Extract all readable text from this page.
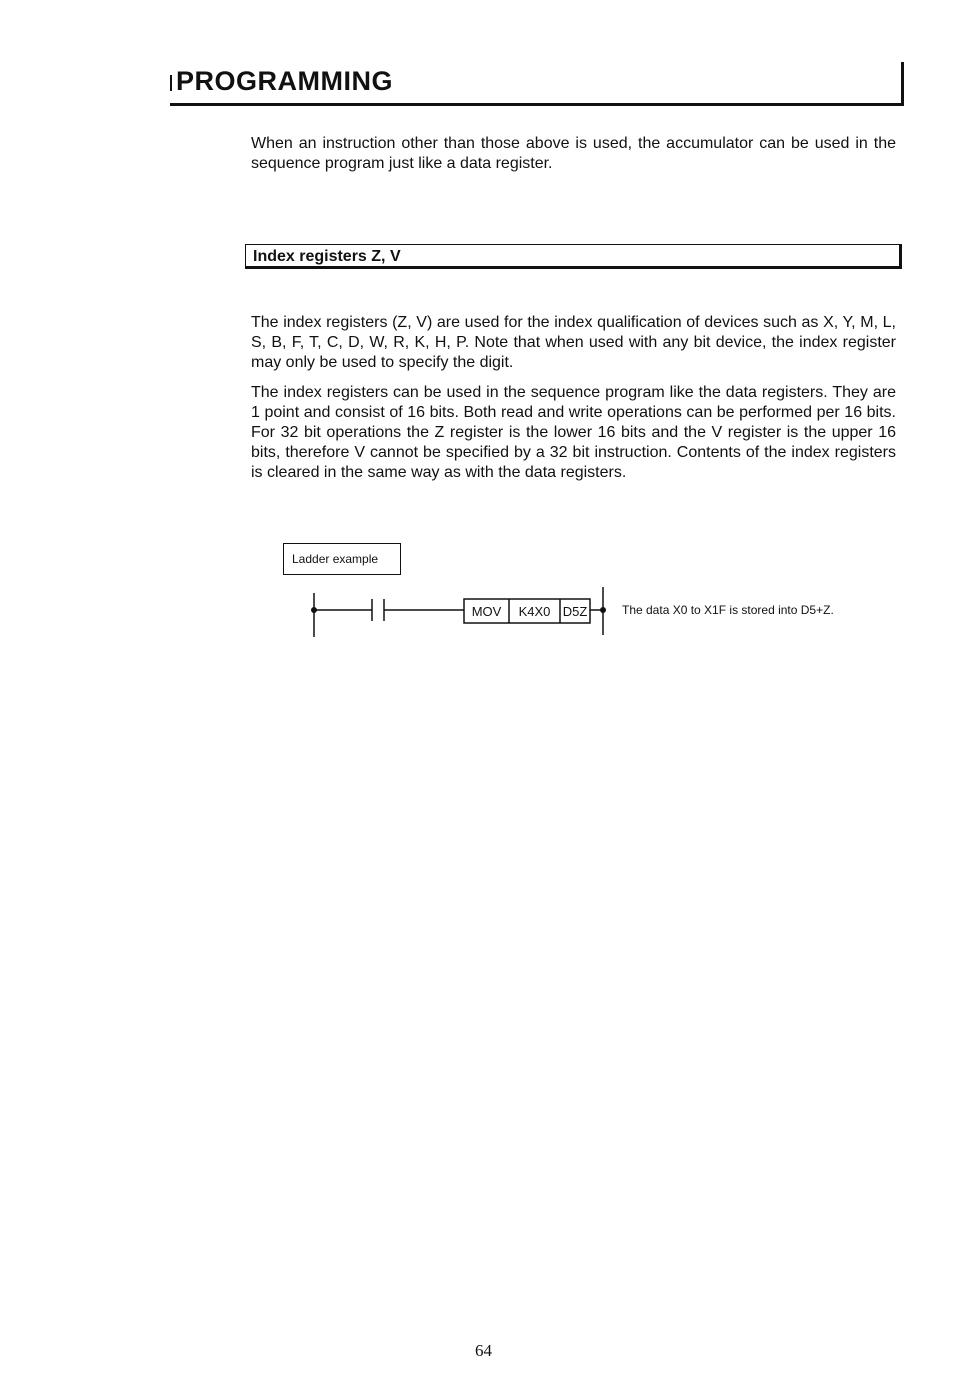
PROGRAMMING

When an instruction other than those above is used, the accumulator can be used in the sequence program just like a data register.

Index registers Z, V

The index registers (Z, V) are used for the index qualification of devices such as X, Y, M, L, S, B, F, T, C, D, W, R, K, H, P. Note that when used with any bit device, the index register may only be used to specify the digit.

The index registers can be used in the sequence program like the data registers. They are 1 point and consist of 16 bits. Both read and write operations can be performed per 16 bits. For 32 bit operations the Z register is the lower 16 bits and the V register is the upper 16 bits, therefore V cannot be specified by a 32 bit instruction. Contents of the index registers is cleared in the same way as with the data registers.

Ladder example
MOV K4X0 D5Z	The data X0 to X1F is stored into D5+Z.
64
